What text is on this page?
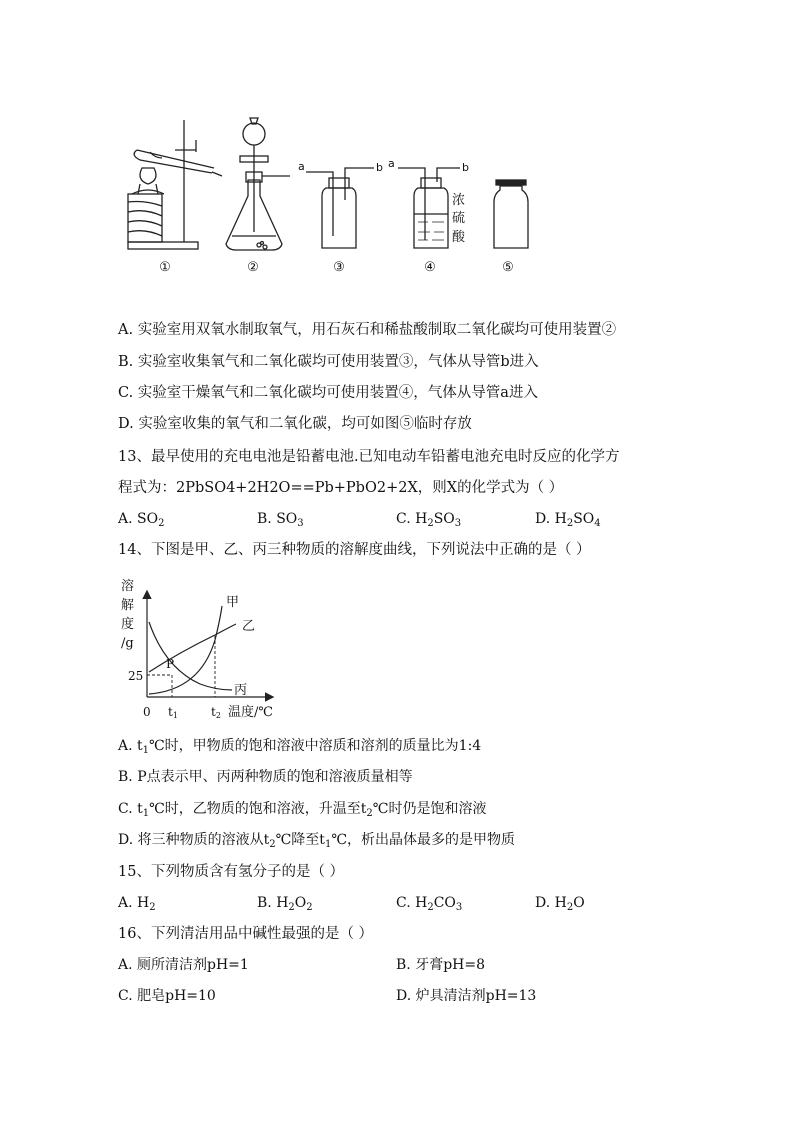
a	b a	b
浓
硫
酸
①	②	③	④	⑤
A. 实验室用双氧水制取氧气，用石灰石和稀盐酸制取二氧化碳均可使用装置②
B. 实验室收集氧气和二氧化碳均可使用装置③，气体从导管b进入
C. 实验室干燥氧气和二氧化碳均可使用装置④，气体从导管a进入
D. 实验室收集的氧气和二氧化碳，均可如图⑤临时存放
13、最早使用的充电电池是铅蓄电池.已知电动车铅蓄电池充电时反应的化学方
程式为：2PbSO4+2H2O==Pb+PbO2+2X，则X的化学式为（ ）
A. $SO_2$	B. $SO_3$	C. $H_2SO_3$	D. $H_2SO_4$
14、下图是甲、乙、丙三种物质的溶解度曲线，下列说法中正确的是（ ）
溶
解
度
/g
25
0 t1	t2 温度/℃
P
甲
乙
丙
A. $t_1℃$时，甲物质的饱和溶液中溶质和溶剂的质量比为1:4
B. P点表示甲、丙两种物质的饱和溶液质量相等
C. $t_1℃$时，乙物质的饱和溶液，升温至$t_2℃$时仍是饱和溶液
D. 将三种物质的溶液从$t_2℃$降至$t_1℃$，析出晶体最多的是甲物质
15、下列物质含有氢分子的是（ ）
A. $H_2$	B. $H_2O_2$	C. $H_2CO_3$	D. $H_2O$
16、下列清洁用品中碱性最强的是（ ）
A. 厕所清洁剂pH=1	B. 牙膏pH=8
C. 肥皂pH=10	D. 炉具清洁剂pH=13
